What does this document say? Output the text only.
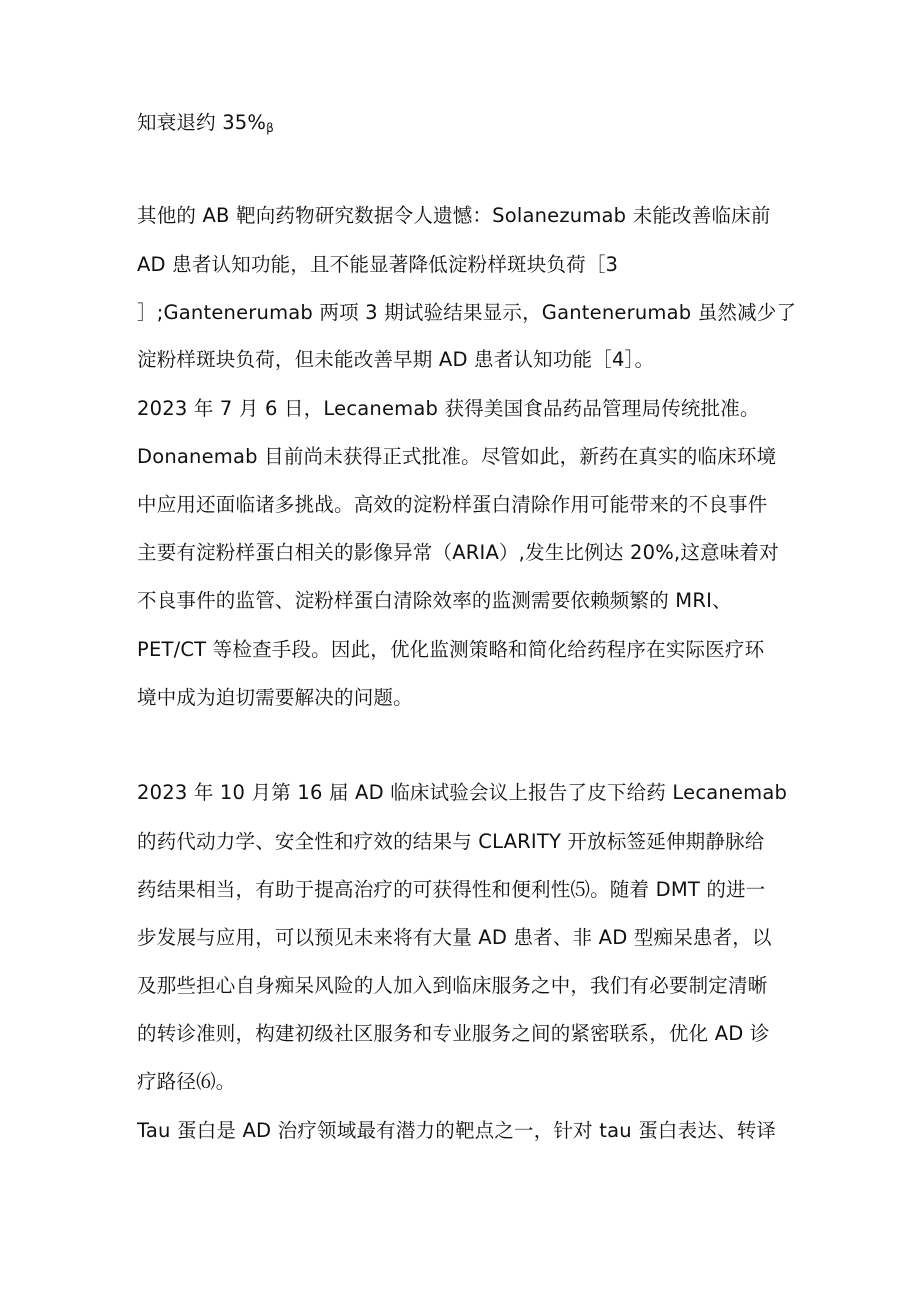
知衰退约 $35\%_\beta$
其他的 AB 靶向药物研究数据令人遗憾：Solanezumab 未能改善临床前
AD 患者认知功能，且不能显著降低淀粉样斑块负荷［3
］;Gantenerumab 两项 3 期试验结果显示，Gantenerumab 虽然减少了
淀粉样斑块负荷，但未能改善早期 AD 患者认知功能［4］。
2023 年 7 月 6 日，Lecanemab 获得美国食品药品管理局传统批准。
Donanemab 目前尚未获得正式批准。尽管如此，新药在真实的临床环境
中应用还面临诸多挑战。高效的淀粉样蛋白清除作用可能带来的不良事件
主要有淀粉样蛋白相关的影像异常（ARIA）,发生比例达 20%,这意味着对
不良事件的监管、淀粉样蛋白清除效率的监测需要依赖频繁的 MRI、
PET/CT 等检查手段。因此，优化监测策略和简化给药程序在实际医疗环
境中成为迫切需要解决的问题。
2023 年 10 月第 16 届 AD 临床试验会议上报告了皮下给药 Lecanemab
的药代动力学、安全性和疗效的结果与 CLARITY 开放标签延伸期静脉给
药结果相当，有助于提高治疗的可获得性和便利性⑸。随着 DMT 的进一
步发展与应用，可以预见未来将有大量 AD 患者、非 AD 型痴呆患者，以
及那些担心自身痴呆风险的人加入到临床服务之中，我们有必要制定清晰
的转诊准则，构建初级社区服务和专业服务之间的紧密联系，优化 AD 诊
疗路径⑹。
Tau 蛋白是 AD 治疗领域最有潜力的靶点之一，针对 tau 蛋白表达、转译
